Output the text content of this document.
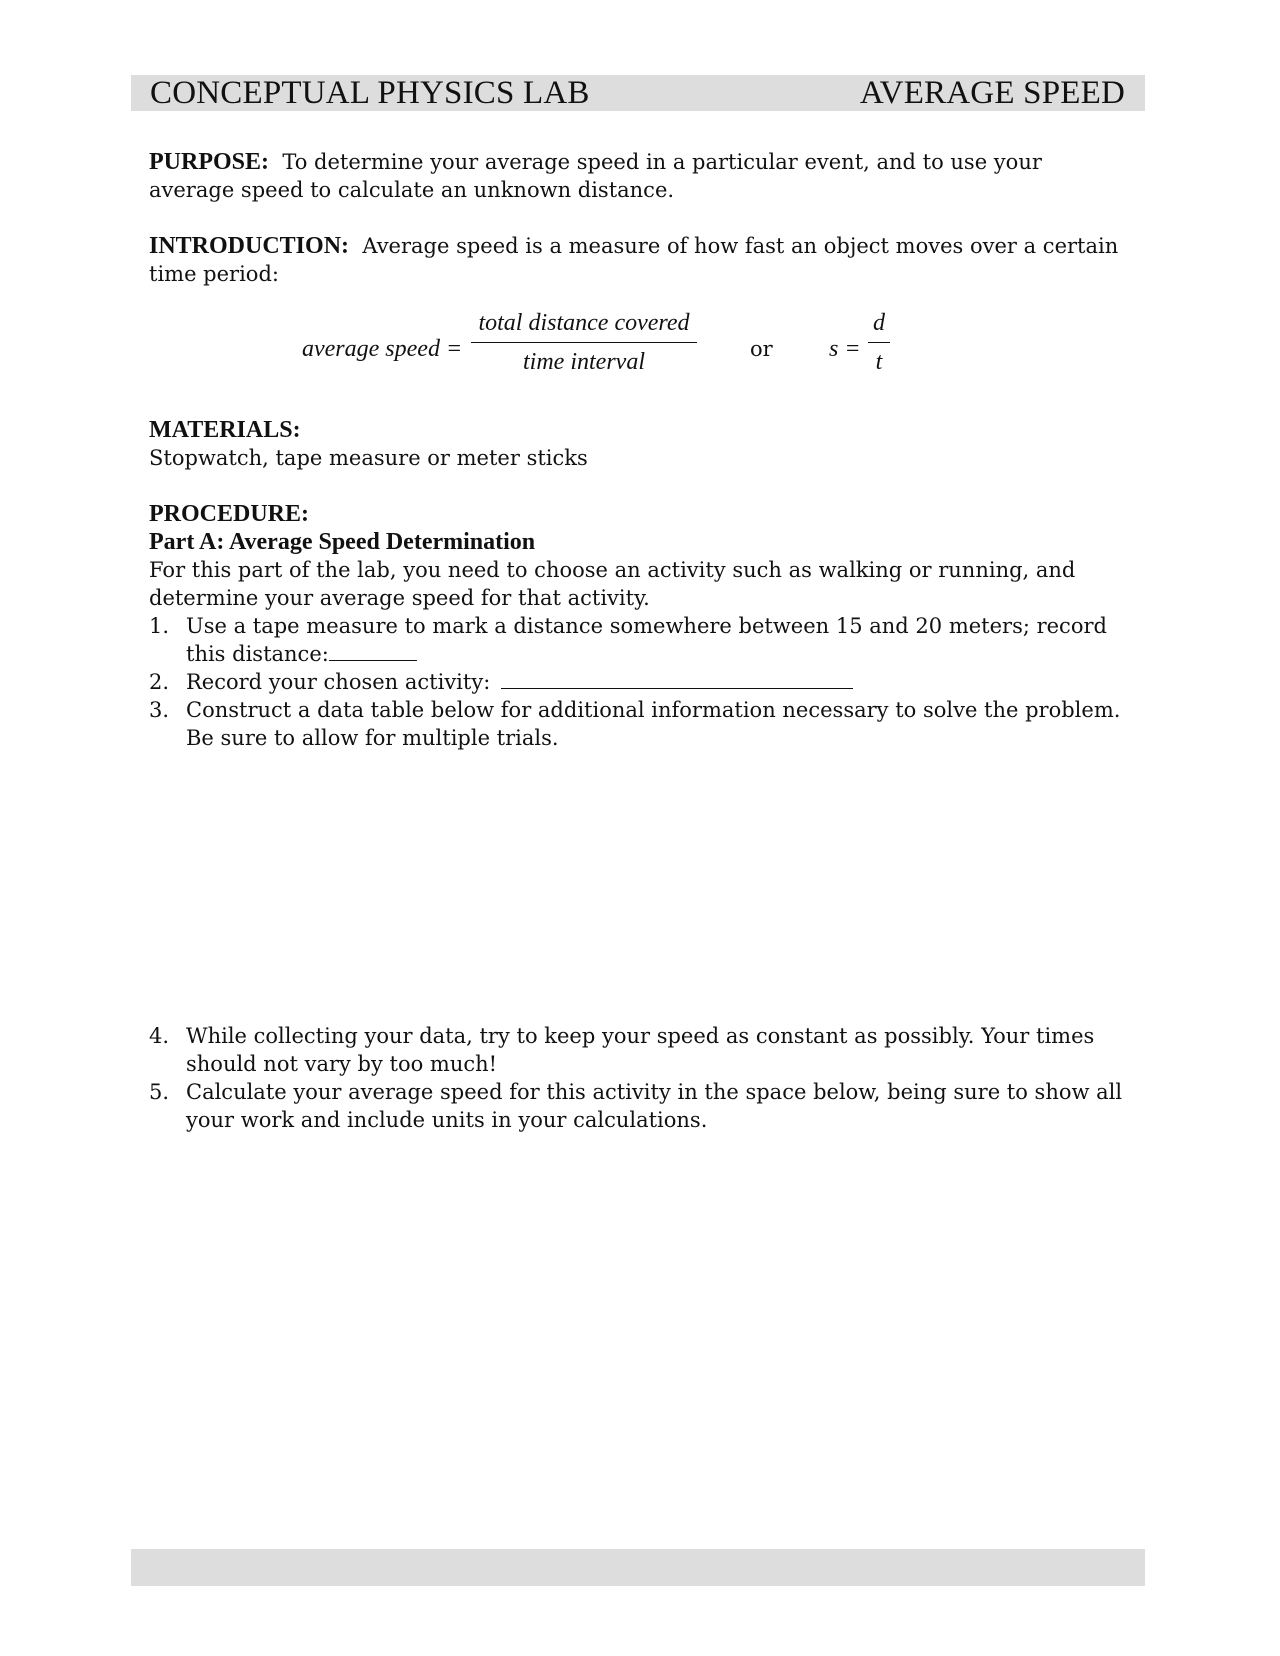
CONCEPTUAL PHYSICS LAB	AVERAGE SPEED

PURPOSE: To determine your average speed in a particular event, and to use your average speed to calculate an unknown distance.

INTRODUCTION: Average speed is a measure of how fast an object moves over a certain time period:

average speed =
total distance covered
time interval	or $s = \frac{d}{t}$

MATERIALS:

Stopwatch, tape measure or meter sticks

PROCEDURE:

Part A: Average Speed Determination

For this part of the lab, you need to choose an activity such as walking or running, and determine your average speed for that activity.

1. Use a tape measure to mark a distance somewhere between 15 and 20 meters; record this distance:
2. Record your chosen activity:
3. Construct a data table below for additional information necessary to solve the problem. Be sure to allow for multiple trials.
4. While collecting your data, try to keep your speed as constant as possibly. Your times should not vary by too much!
5. Calculate your average speed for this activity in the space below, being sure to show all your work and include units in your calculations.
